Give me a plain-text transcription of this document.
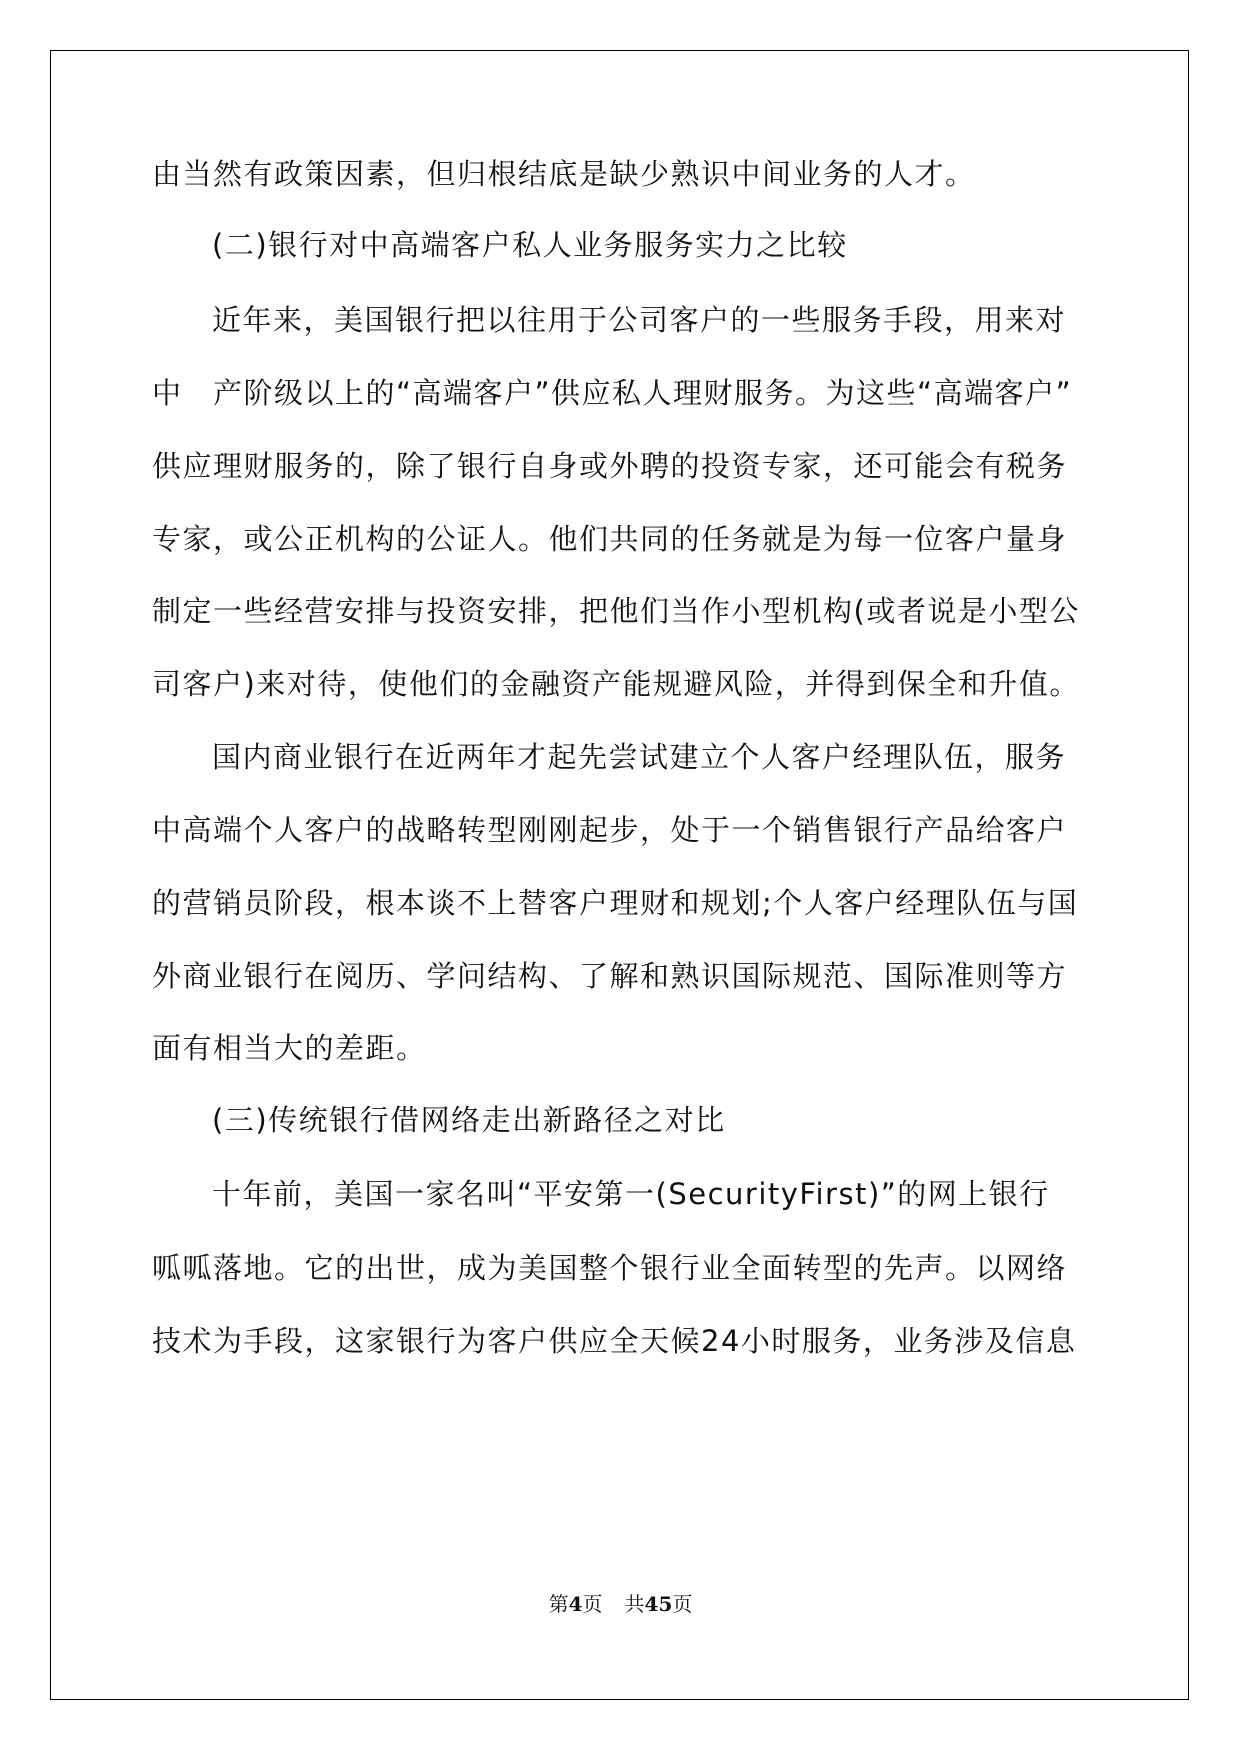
由当然有政策因素，但归根结底是缺少熟识中间业务的人才。

(二)银行对中高端客户私人业务服务实力之比较

近年来，美国银行把以往用于公司客户的一些服务手段，用来对

中　产阶级以上的“高端客户”供应私人理财服务。为这些“高端客户”

供应理财服务的，除了银行自身或外聘的投资专家，还可能会有税务

专家，或公正机构的公证人。他们共同的任务就是为每一位客户量身

制定一些经营安排与投资安排，把他们当作小型机构(或者说是小型公

司客户)来对待，使他们的金融资产能规避风险，并得到保全和升值。

国内商业银行在近两年才起先尝试建立个人客户经理队伍，服务

中高端个人客户的战略转型刚刚起步，处于一个销售银行产品给客户

的营销员阶段，根本谈不上替客户理财和规划;个人客户经理队伍与国

外商业银行在阅历、学问结构、了解和熟识国际规范、国际准则等方

面有相当大的差距。

(三)传统银行借网络走出新路径之对比

十年前，美国一家名叫“平安第一(SecurityFirst)”的网上银行

呱呱落地。它的出世，成为美国整个银行业全面转型的先声。以网络

技术为手段，这家银行为客户供应全天候24小时服务，业务涉及信息

第4页 共45页
